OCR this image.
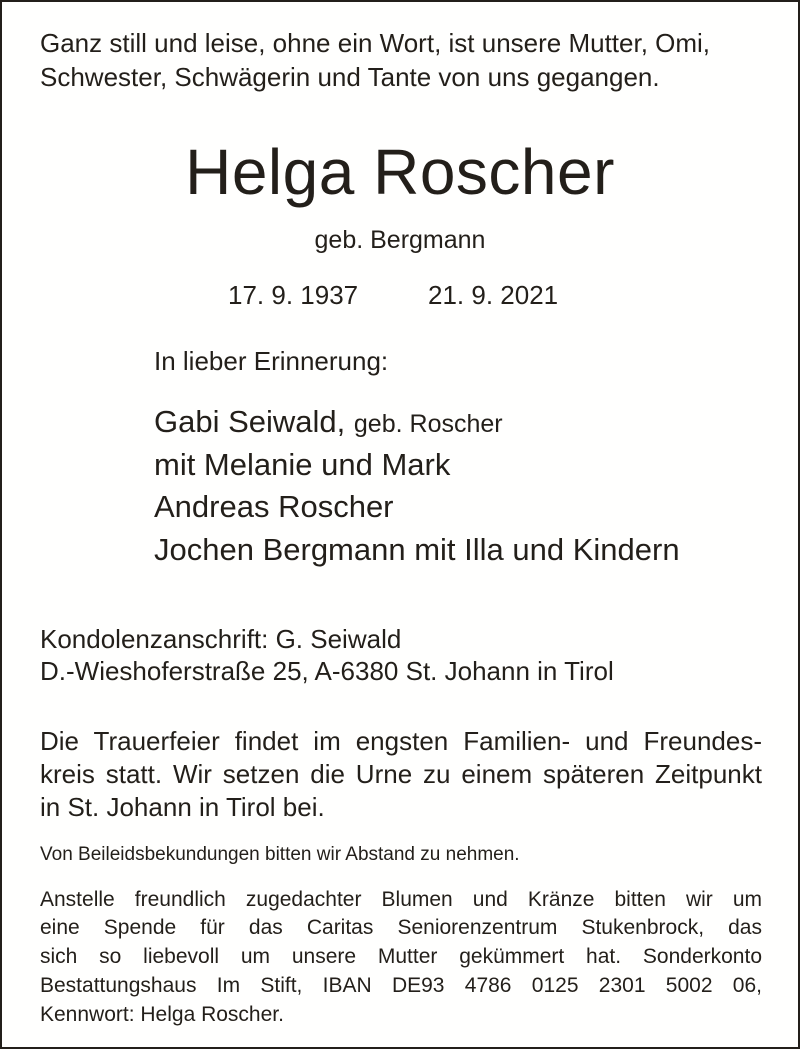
Ganz still und leise, ohne ein Wort, ist unsere Mutter, Omi,

Schwester, Schwägerin und Tante von uns gegangen.

Helga Roscher

geb. Bergmann

17. 9. 1937	21. 9. 2021

In lieber Erinnerung:

Gabi Seiwald, geb. Roscher

mit Melanie und Mark

Andreas Roscher

Jochen Bergmann mit Illa und Kindern

Kondolenzanschrift: G. Seiwald

D.-Wieshoferstraße 25, A-6380 St. Johann in Tirol

Die Trauerfeier findet im engsten Familien- und Freundes-

kreis statt. Wir setzen die Urne zu einem späteren Zeitpunkt

in St. Johann in Tirol bei.

Von Beileidsbekundungen bitten wir Abstand zu nehmen.

Anstelle freundlich zugedachter Blumen und Kränze bitten wir um

eine Spende für das Caritas Seniorenzentrum Stukenbrock, das

sich so liebevoll um unsere Mutter gekümmert hat. Sonderkonto

Bestattungshaus Im Stift, IBAN DE93 4786 0125 2301 5002 06,

Kennwort: Helga Roscher.
